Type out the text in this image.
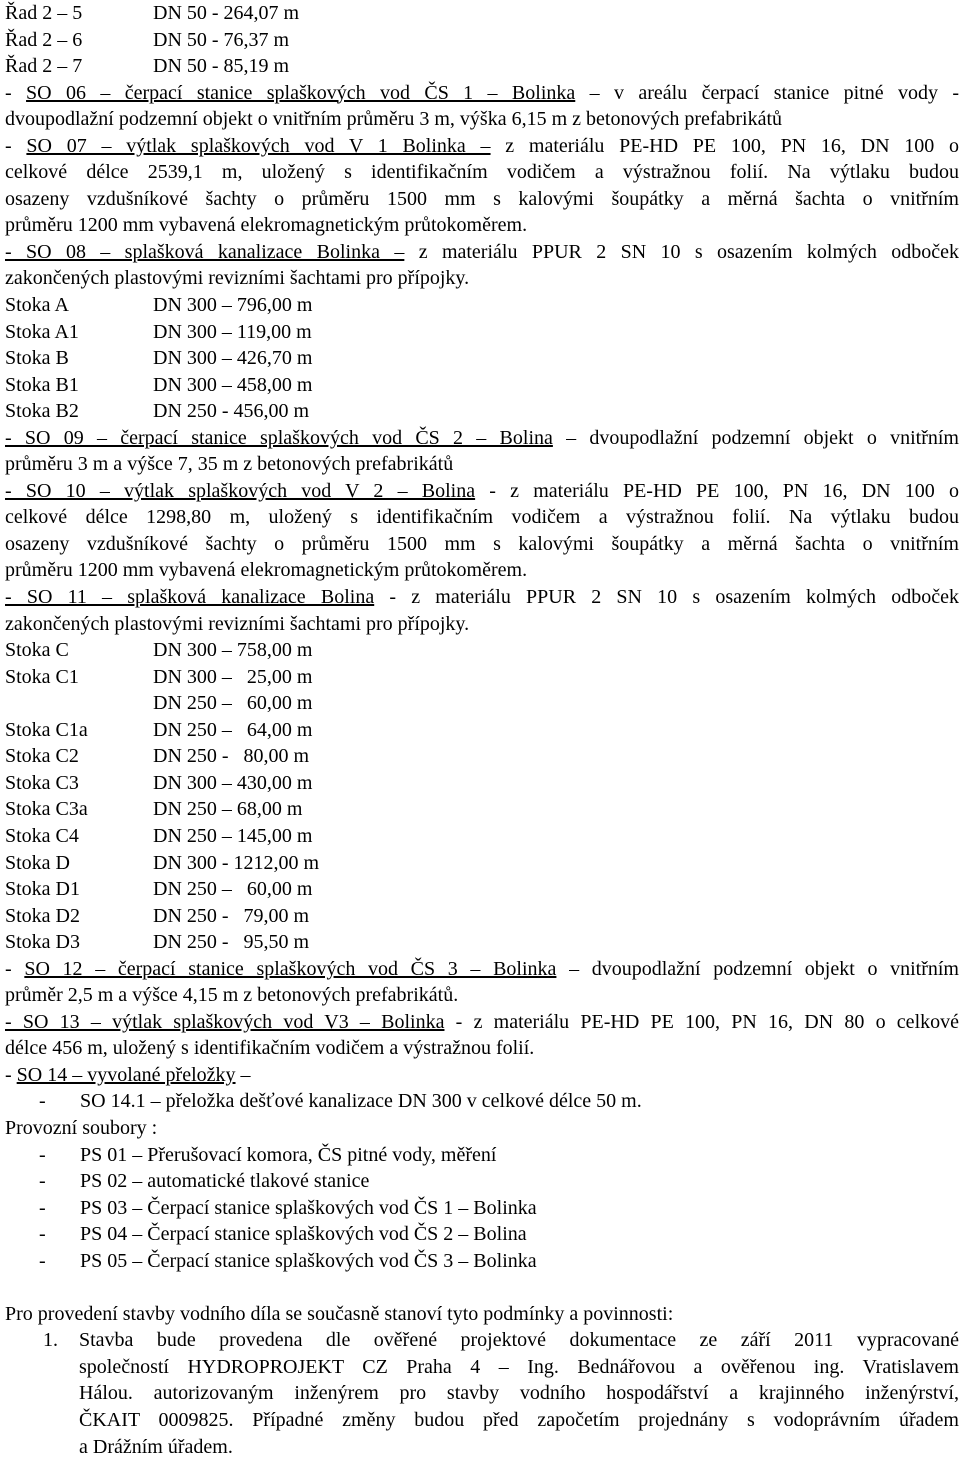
Řad 2 – 5	DN 50 - 264,07 m
Řad 2 – 6	DN 50 - 76,37 m
Řad 2 – 7	DN 50 - 85,19 m
- SO 06 – čerpací stanice splaškových vod ČS 1 – Bolinka – v areálu čerpací stanice pitné vody -
dvoupodlažní podzemní objekt o vnitřním průměru 3 m, výška 6,15 m z betonových prefabrikátů
- SO 07 – výtlak splaškových vod V 1 Bolinka – z materiálu PE-HD PE 100, PN 16, DN 100 o
celkové délce 2539,1 m, uložený s identifikačním vodičem a výstražnou folií. Na výtlaku budou
osazeny vzdušníkové šachty o průměru 1500 mm s kalovými šoupátky a měrná šachta o vnitřním
průměru 1200 mm vybavená elekromagnetickým průtokoměrem.
- SO 08 – splašková kanalizace Bolinka – z materiálu PPUR 2 SN 10 s osazením kolmých odboček
zakončených plastovými revizními šachtami pro přípojky.
Stoka A	DN 300 – 796,00 m
Stoka A1	DN 300 – 119,00 m
Stoka B	DN 300 – 426,70 m
Stoka B1	DN 300 – 458,00 m
Stoka B2	DN 250 - 456,00 m
- SO 09 – čerpací stanice splaškových vod ČS 2 – Bolina – dvoupodlažní podzemní objekt o vnitřním
průměru 3 m a výšce 7, 35 m z betonových prefabrikátů
- SO 10 – výtlak splaškových vod V 2 – Bolina - z materiálu PE-HD PE 100, PN 16, DN 100 o
celkové délce 1298,80 m, uložený s identifikačním vodičem a výstražnou folií. Na výtlaku budou
osazeny vzdušníkové šachty o průměru 1500 mm s kalovými šoupátky a měrná šachta o vnitřním
průměru 1200 mm vybavená elekromagnetickým průtokoměrem.
- SO 11 – splašková kanalizace Bolina - z materiálu PPUR 2 SN 10 s osazením kolmých odboček
zakončených plastovými revizními šachtami pro přípojky.
Stoka C	DN 300 – 758,00 m
Stoka C1	DN 300 –   25,00 m
DN 250 –   60,00 m
Stoka C1a	DN 250 –   64,00 m
Stoka C2	DN 250 -   80,00 m
Stoka C3	DN 300 – 430,00 m
Stoka C3a	DN 250 – 68,00 m
Stoka C4	DN 250 – 145,00 m
Stoka D	DN 300 - 1212,00 m
Stoka D1	DN 250 –   60,00 m
Stoka D2	DN 250 -   79,00 m
Stoka D3	DN 250 -   95,50 m
- SO 12 – čerpací stanice splaškových vod ČS 3 – Bolinka – dvoupodlažní podzemní objekt o vnitřním
průměr 2,5 m a výšce 4,15 m z betonových prefabrikátů.
- SO 13 – výtlak splaškových vod V3 – Bolinka - z materiálu PE-HD PE 100, PN 16, DN 80 o celkové
délce 456 m, uložený s identifikačním vodičem a výstražnou folií.
- SO 14 – vyvolané přeložky –
- SO 14.1 – přeložka dešťové kanalizace DN 300 v celkové délce 50 m.
Provozní soubory :
- PS 01 – Přerušovací komora, ČS pitné vody, měření
- PS 02 – automatické tlakové stanice
- PS 03 – Čerpací stanice splaškových vod ČS 1 – Bolinka
- PS 04 – Čerpací stanice splaškových vod ČS 2 – Bolina
- PS 05 – Čerpací stanice splaškových vod ČS 3 – Bolinka
Pro provedení stavby vodního díla se současně stanoví tyto podmínky a povinnosti:
1. Stavba bude provedena dle ověřené projektové dokumentace ze září 2011 vypracované
společností HYDROPROJEKT CZ Praha 4 – Ing. Bednářovou a ověřenou ing. Vratislavem
Hálou. autorizovaným inženýrem pro stavby vodního hospodářství a krajinného inženýrství,
ČKAIT 0009825. Případné změny budou před započetím projednány s vodoprávním úřadem
a Drážním úřadem.
